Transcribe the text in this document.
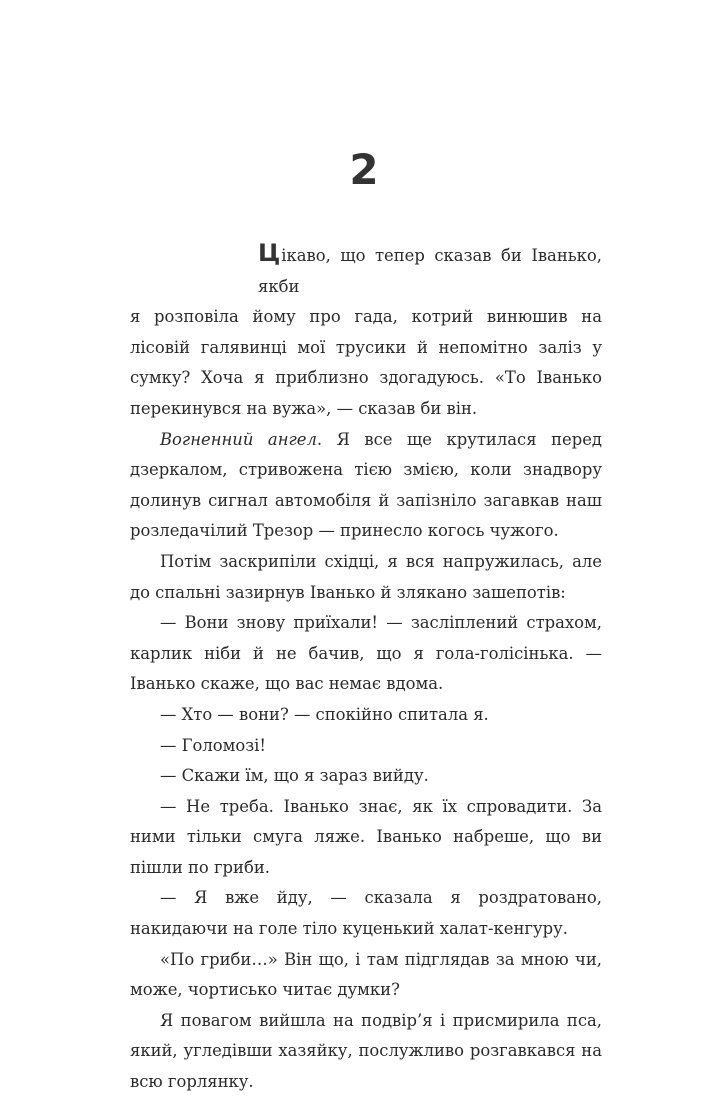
2

Цікаво, що тепер сказав би Іванько, якби
я розповіла йому про гада, котрий винюшив на лісовій галявинці мої трусики й непомітно заліз у сумку? Хоча я приблизно здогадуюсь. «То Іванько перекинувся на вужа», — сказав би він.

Вогненний ангел. Я все ще крутилася перед дзеркалом, стривожена тією змією, коли знадвору долинув сигнал автомобіля й запізніло загавкав наш розледачілий Трезор — принесло когось чужого.

Потім заскрипіли східці, я вся напружилась, але до спальні зазирнув Іванько й злякано зашепотів:

— Вони знову приїхали! — засліплений страхом, карлик ніби й не бачив, що я гола-голісінька. — Іванько скаже, що вас немає вдома.

— Хто — вони? — спокійно спитала я.

— Голомозі!

— Скажи їм, що я зараз вийду.

— Не треба. Іванько знає, як їх спровадити. За ними тільки смуга ляже. Іванько набреше, що ви пішли по гриби.

— Я вже йду, — сказала я роздратовано, накидаючи на голе тіло куценький халат-кенгуру.

«По гриби…» Він що, і там підглядав за мною чи, може, чортисько читає думки?

Я повагом вийшла на подвір’я і присмирила пса, який, угледівши хазяйку, послужливо розгавкався на всю горлянку.
